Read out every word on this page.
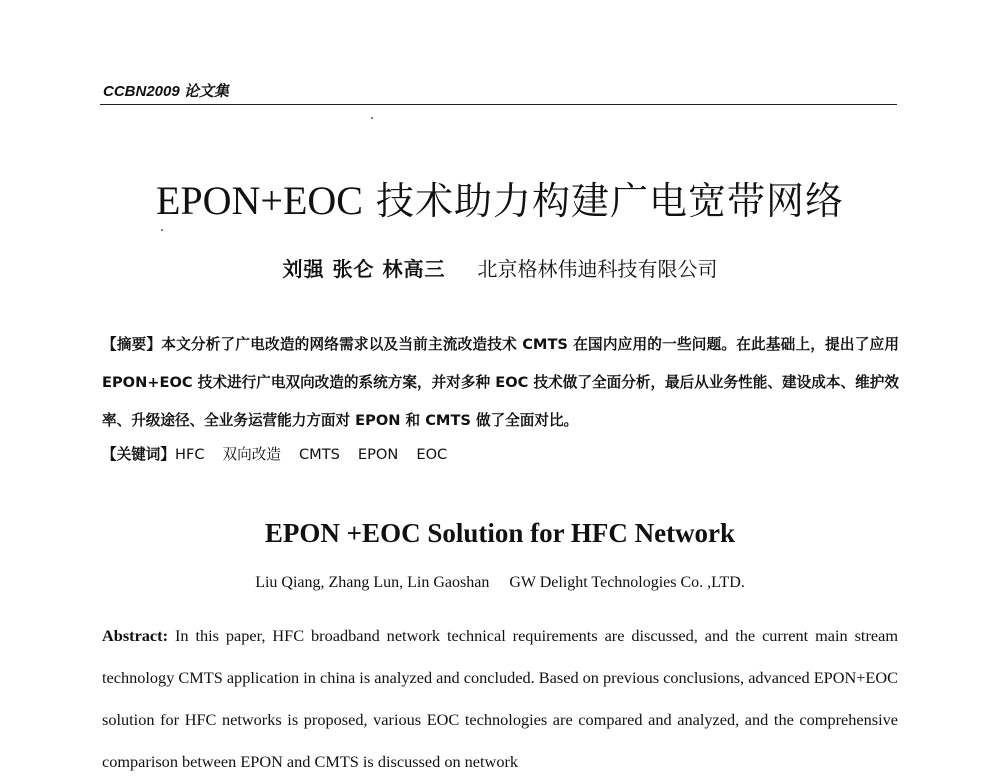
CCBN2009 论文集
EPON+EOC 技术助力构建广电宽带网络
刘强 张仑 林高三 北京格林伟迪科技有限公司
【摘要】本文分析了广电改造的网络需求以及当前主流改造技术 CMTS 在国内应用的一些问题。在此基础上，提出了应用 EPON+EOC 技术进行广电双向改造的系统方案，并对多种 EOC 技术做了全面分析，最后从业务性能、建设成本、维护效率、升级途径、全业务运营能力方面对 EPON 和 CMTS 做了全面对比。
【关键词】HFC 双向改造 CMTS EPON EOC
EPON +EOC Solution for HFC Network
Liu Qiang, Zhang Lun, Lin Gaoshan GW Delight Technologies Co. ,LTD.
Abstract: In this paper, HFC broadband network technical requirements are discussed, and the current main stream technology CMTS application in china is analyzed and concluded. Based on previous conclusions, advanced EPON+EOC solution for HFC networks is proposed, various EOC technologies are compared and analyzed, and the comprehensive comparison between EPON and CMTS is discussed on network
